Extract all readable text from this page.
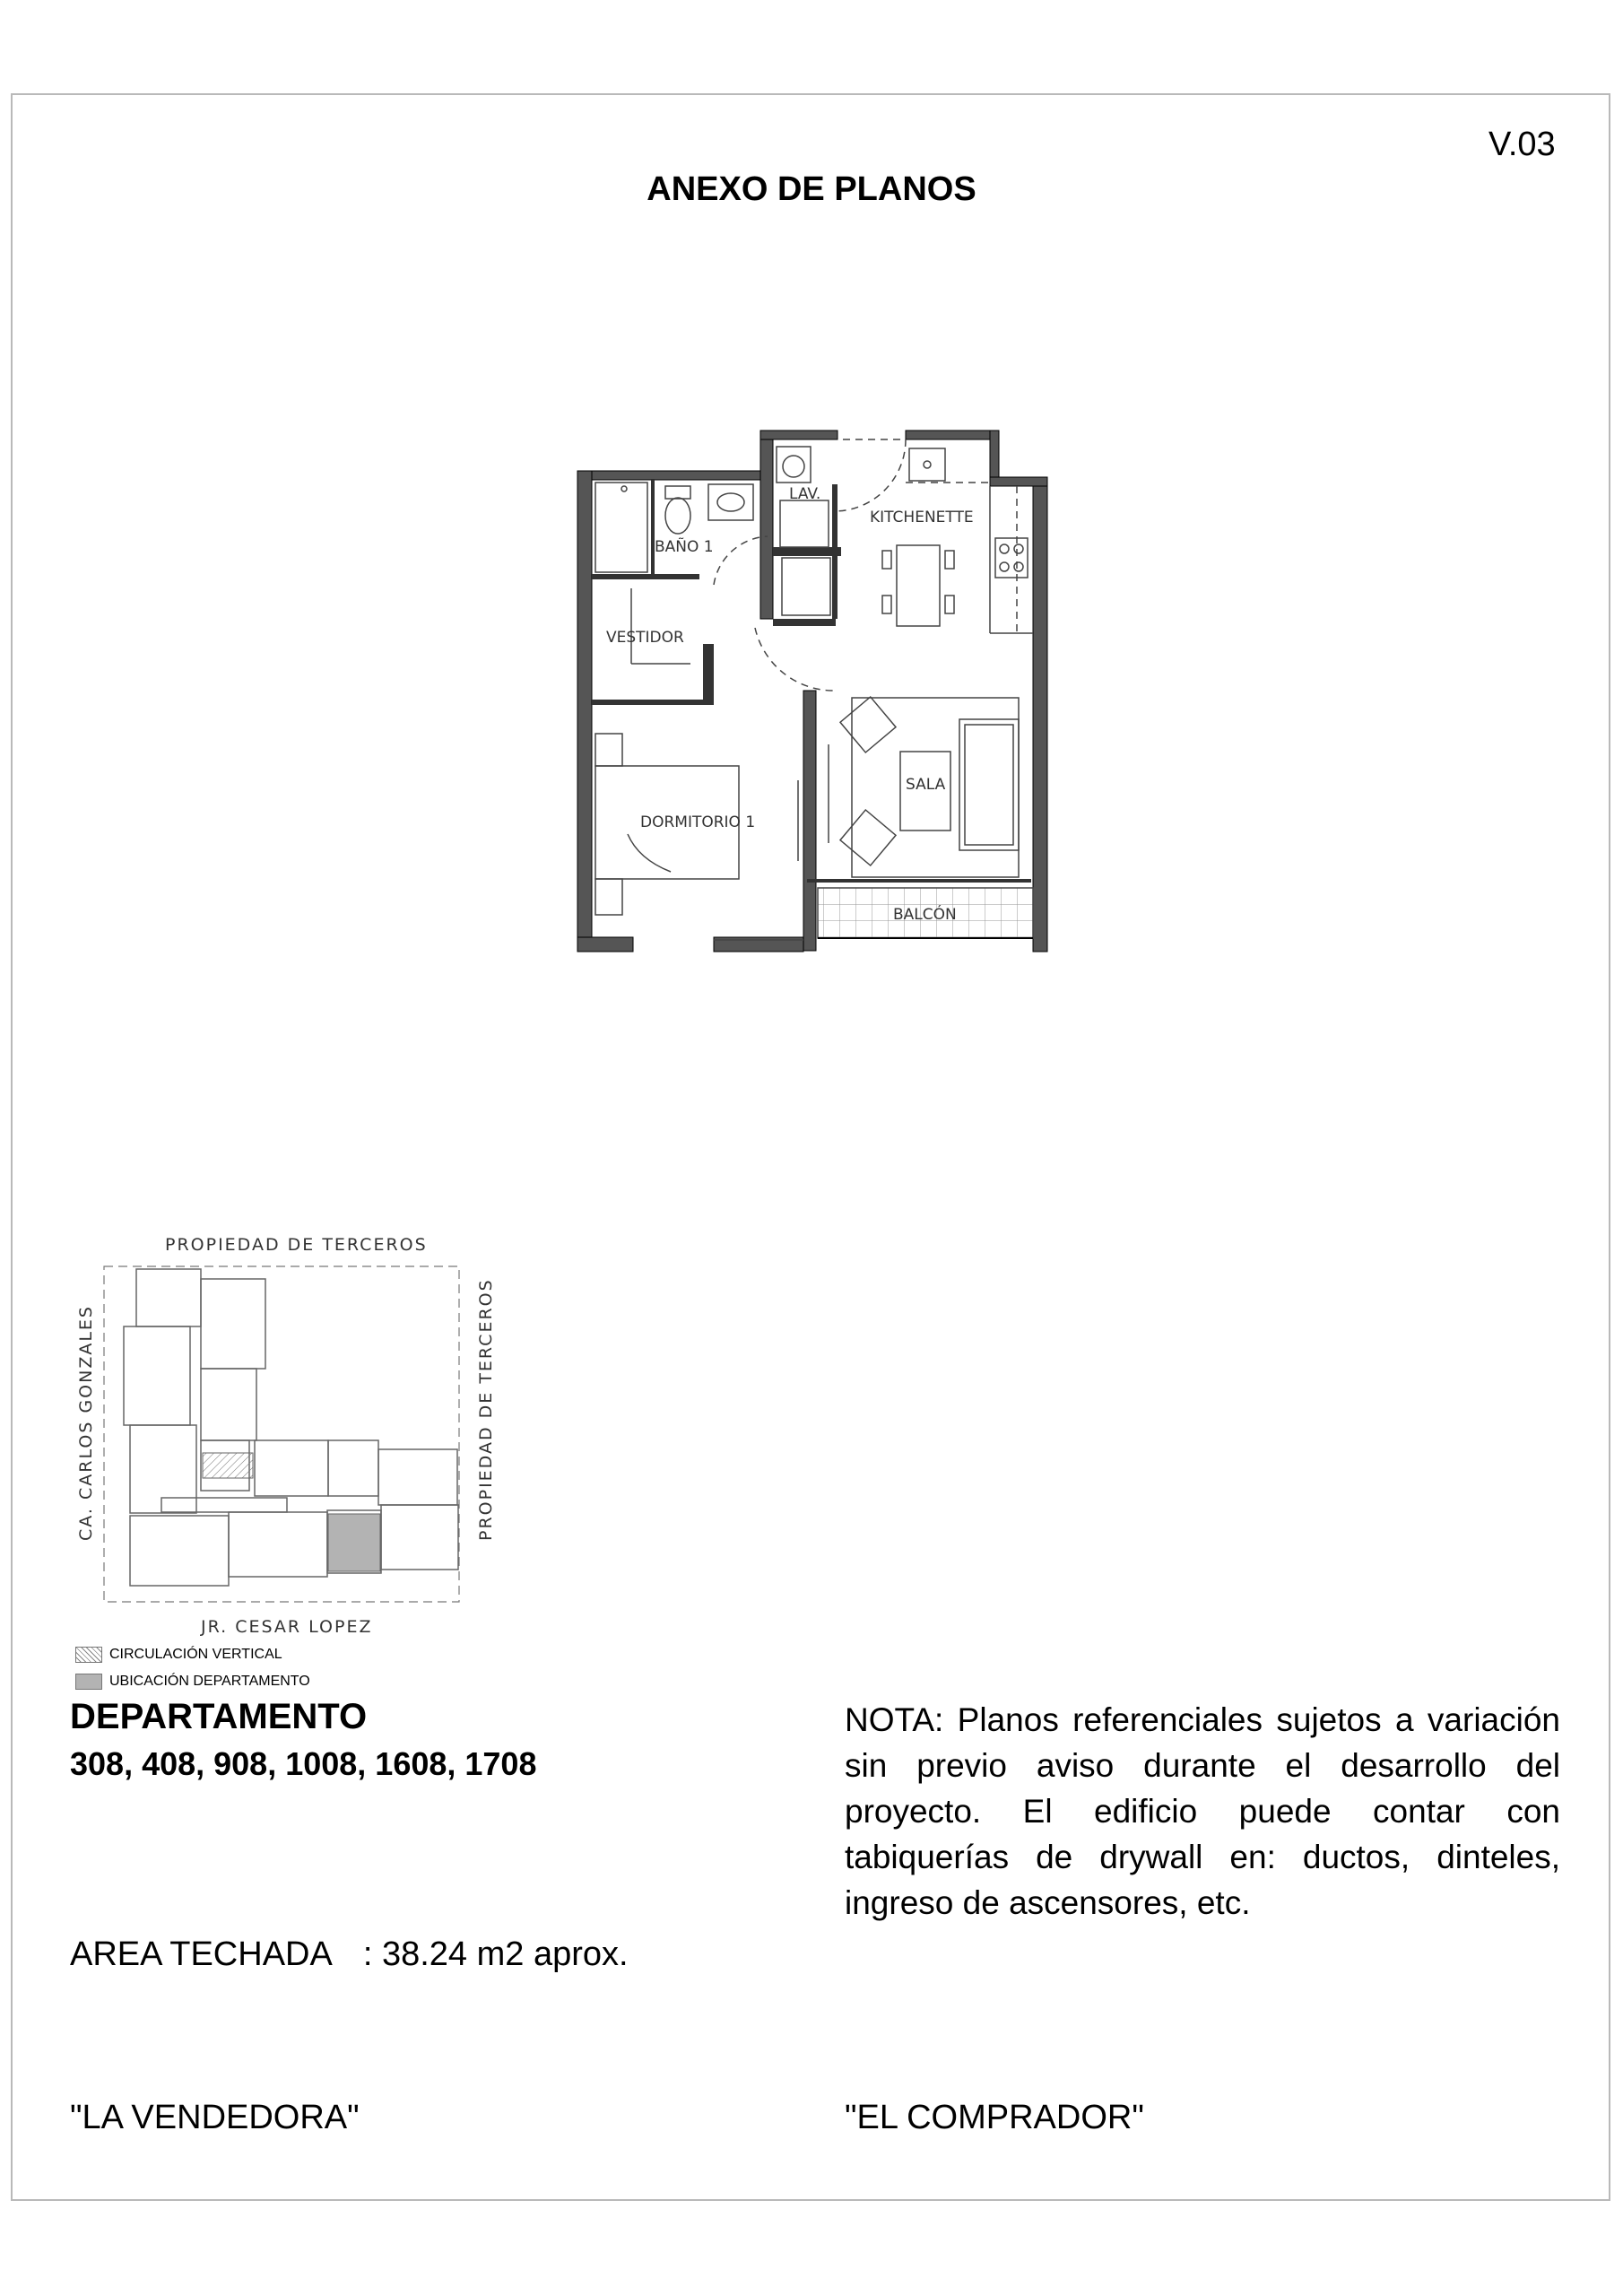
V.03
ANEXO DE PLANOS
LAV.
BAÑO 1
KITCHENETTE
VESTIDOR
SALA
DORMITORIO 1
BALCÓN
PROPIEDAD DE TERCEROS
JR. CESAR LOPEZ
CA. CARLOS GONZALES	PROPIEDAD DE TERCEROS
CIRCULACIÓN VERTICAL
UBICACIÓN DEPARTAMENTO
DEPARTAMENTO
308, 408, 908, 1008, 1608, 1708
AREA TECHADA : 38.24 m2 aprox.
NOTA: Planos referenciales sujetos a variación sin previo aviso durante el desarrollo del proyecto. El edificio puede contar con tabiquerías de drywall en: ductos, dinteles, ingreso de ascensores, etc.
"LA VENDEDORA"	"EL COMPRADOR"
